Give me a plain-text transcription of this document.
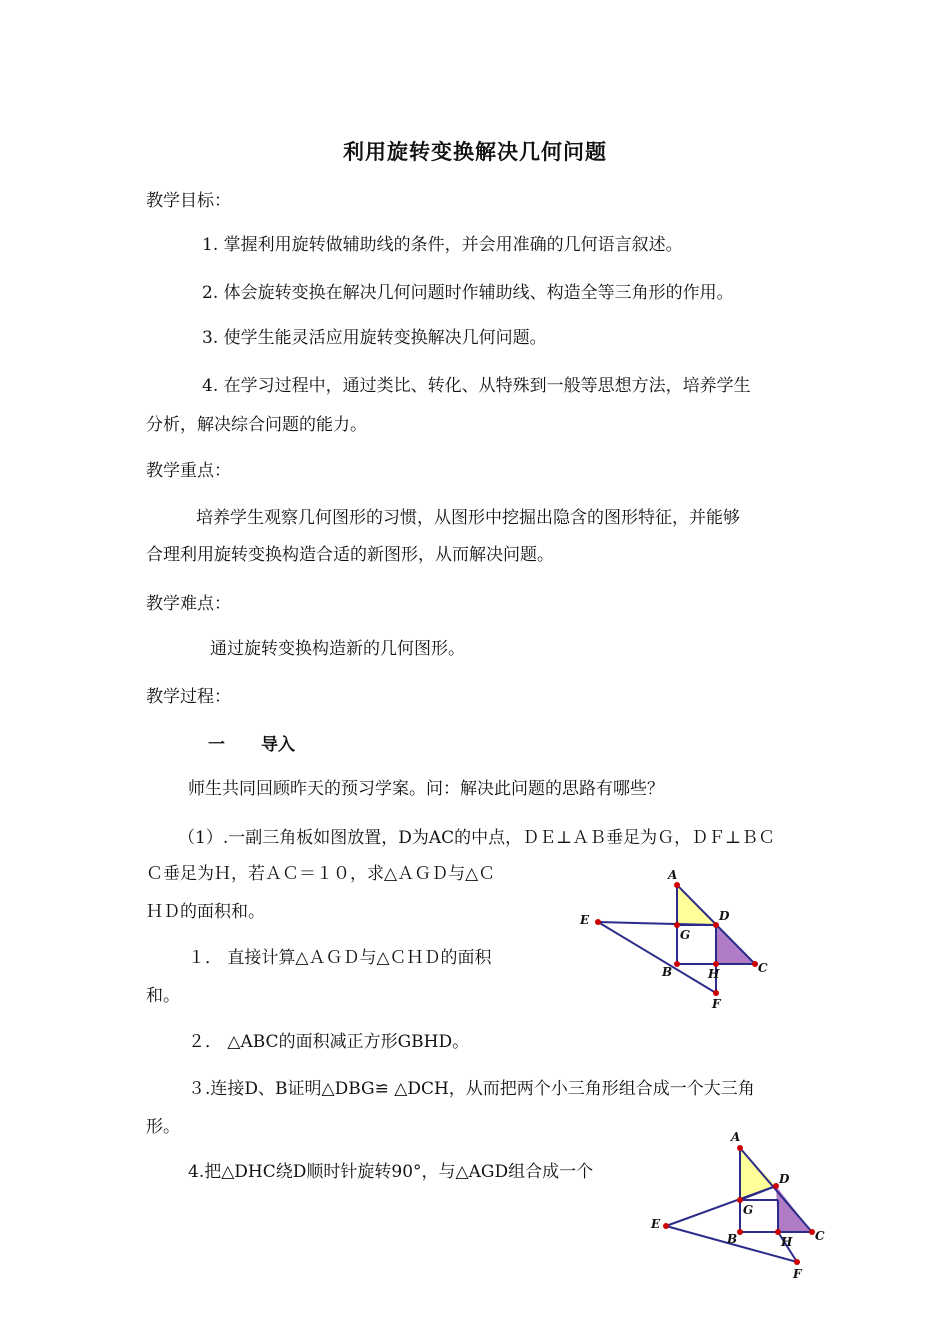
利用旋转变换解决几何问题
教学目标：
1. 掌握利用旋转做辅助线的条件，并会用准确的几何语言叙述。
2. 体会旋转变换在解决几何问题时作辅助线、构造全等三角形的作用。
3. 使学生能灵活应用旋转变换解决几何问题。
4. 在学习过程中，通过类比、转化、从特殊到一般等思想方法，培养学生
分析，解决综合问题的能力。
教学重点：
培养学生观察几何图形的习惯，从图形中挖掘出隐含的图形特征，并能够
合理利用旋转变换构造合适的新图形，从而解决问题。
教学难点：
通过旋转变换构造新的几何图形。
教学过程：
一 导入
师生共同回顾昨天的预习学案。问：解决此问题的思路有哪些？
（1）.一副三角板如图放置，D为AC的中点，ＤＥ⊥ＡＢ垂足为Ｇ，ＤＦ⊥ＢＣ
Ｃ垂足为Ｈ，若ＡＣ＝１０，求△ＡＧＤ与△Ｃ
ＨＤ的面积和。
１． 直接计算△ＡＧＤ与△ＣＨＤ的面积
和。
２． △ABC的面积减正方形GBHD。
３.连接D、B证明△DBG≌ △DCH，从而把两个小三角形组合成一个大三角
形。
4.把△DHC绕D顺时针旋转90°，与△AGD组合成一个
A
D
E
G
B	H	C
F
A
D
E
G
B	H C
F
